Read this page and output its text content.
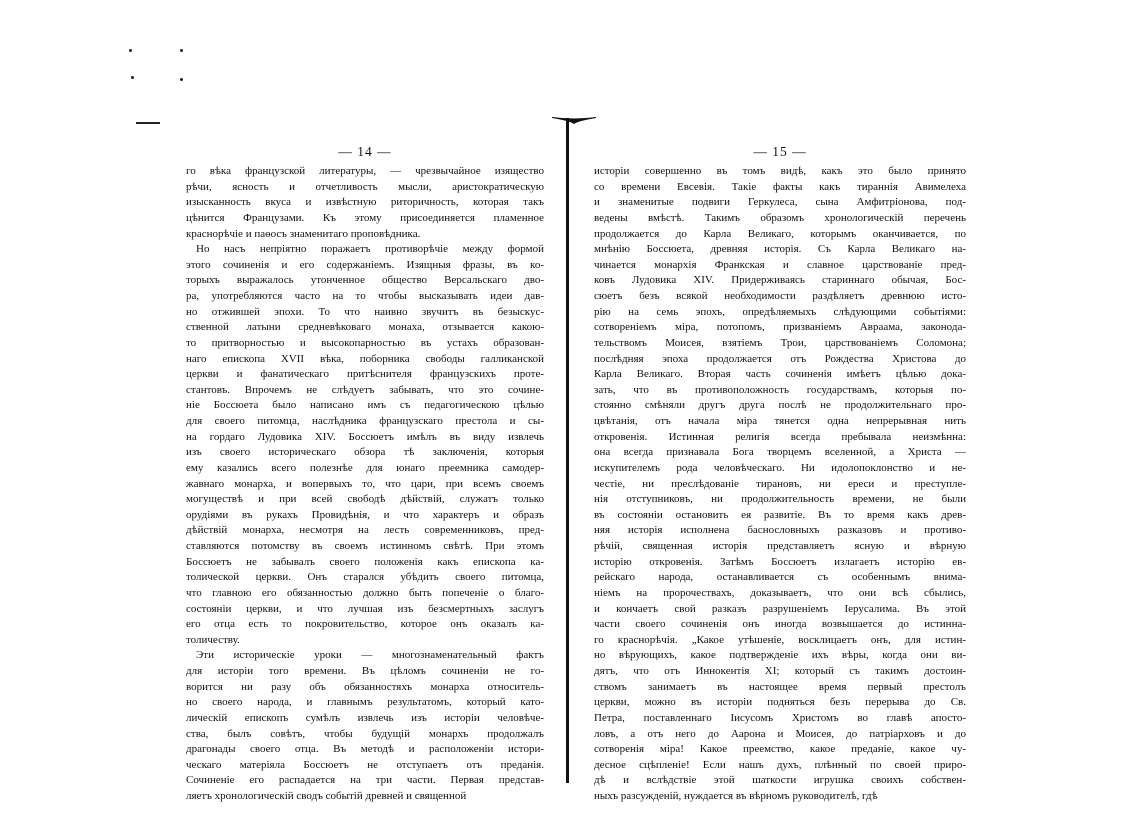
— 14 —

го вѣка французской литературы, — чрезвычайное изящество
рѣчи, ясность и отчетливость мысли, аристократическую
изысканность вкуса и извѣстную риторичность, которая такъ
цѣнится Французами. Къ этому присоединяется пламенное
краснорѣчіе и паѳосъ знаменитаго проповѣдника.

Но насъ непріятно поражаетъ противорѣчіе между формой
этого сочиненія и его содержаніемъ. Изящныя фразы, въ ко-
торыхъ выражалось утонченное общество Версальскаго дво-
ра, употребляются часто на то чтобы высказывать идеи дав-
но отжившей эпохи. То что наивно звучитъ въ безыскус-
ственной латыни средневѣковаго монаха, отзывается какою-
то притворностью и высокопарностью въ устахъ образован-
наго епископа XVII вѣка, поборника свободы галликанской
церкви и фанатическаго притѣснителя французскихъ проте-
стантовъ. Впрочемъ не слѣдуетъ забывать, что это сочине-
ніе Боссюета было написано имъ съ педагогическою цѣлью
для своего питомца, наслѣдника французскаго престола и сы-
на гордаго Лудовика XIV. Боссюетъ имѣлъ въ виду извлечь
изъ своего историческаго обзора тѣ заключенія, которыя
ему казались всего полезнѣе для юнаго преемника самодер-
жавнаго монарха, и вопервыхъ то, что цари, при всемъ своемъ
могуществѣ и при всей свободѣ дѣйствій, служатъ только
орудіями въ рукахъ Провидѣнія, и что характеръ и образъ
дѣйствій монарха, несмотря на лесть современниковъ, пред-
ставляются потомству въ своемъ истинномъ свѣтѣ. При этомъ
Боссюетъ не забывалъ своего положенія какъ епископа ка-
толической церкви. Онъ старался убѣдить своего питомца,
что главною его обязанностью должно быть попеченіе о благо-
состояніи церкви, и что лучшая изъ безсмертныхъ заслугъ
его отца есть то покровительство, которое онъ оказалъ ка-
толичеству.

Эти историческіе уроки — многознаменательный фактъ
для исторіи того времени. Въ цѣломъ сочиненіи не го-
ворится ни разу объ обязанностяхъ монарха относитель-
но своего народа, и главнымъ результатомъ, который като-
лическій епископъ сумѣлъ извлечь изъ исторіи человѣче-
ства, былъ совѣтъ, чтобы будущій монархъ продолжалъ
драгонады своего отца. Въ методѣ и расположеніи истори-
ческаго матеріяла Боссюетъ не отступаетъ отъ преданія.
Сочиненіе его распадается на три части. Первая представ-
ляетъ хронологическій сводъ событій древней и священной

— 15 —

исторіи совершенно въ томъ видѣ, какъ это было принято
со времени Евсевія. Такіе факты какъ тираннія Авимелеха
и знаменитые подвиги Геркулеса, сына Амфитріонова, под-
ведены вмѣстѣ. Такимъ образомъ хронологическій перечень
продолжается до Карла Великаго, которымъ оканчивается, по
мнѣнію Боссюета, древняя исторія. Съ Карла Великаго на-
чинается монархія Франкская и славное царствованіе пред-
ковъ Лудовика XIV. Придерживаясь стариннаго обычая, Бос-
сюетъ безъ всякой необходимости раздѣляетъ древнюю исто-
рію на семь эпохъ, опредѣляемыхъ слѣдующими событіями:
сотвореніемъ міра, потопомъ, призваніемъ Авраама, законода-
тельствомъ Моисея, взятіемъ Трои, царствованіемъ Соломона;
послѣдняя эпоха продолжается отъ Рождества Христова до
Карла Великаго. Вторая часть сочиненія имѣетъ цѣлью дока-
зать, что въ противоположность государствамъ, которыя по-
стоянно смѣняли другъ друга послѣ не продолжительнаго про-
цвѣтанія, отъ начала міра тянется одна непрерывная нить
откровенія. Истинная религія всегда пребывала неизмѣнна:
она всегда признавала Бога творцемъ вселенной, а Христа —
искупителемъ рода человѣческаго. Ни идолопоклонство и не-
честіе, ни преслѣдованіе тирановъ, ни ереси и преступле-
нія отступниковъ, ни продолжительность времени, не были
въ состояніи остановить ея развитіе. Въ то время какъ древ-
няя исторія исполнена баснословныхъ разказовъ и противо-
рѣчій, священная исторія представляетъ ясную и вѣрную
исторію откровенія. Затѣмъ Боссюетъ излагаетъ исторію ев-
рейскаго народа, останавливается съ особеннымъ внима-
ніемъ на пророчествахъ, доказываетъ, что они всѣ сбылись,
и кончаетъ свой разказъ разрушеніемъ Іерусалима. Въ этой
части своего сочиненія онъ иногда возвышается до истинна-
го краснорѣчія. „Какое утѣшеніе, восклицаетъ онъ, для истин-
но вѣрующихъ, какое подтвержденіе ихъ вѣры, когда они ви-
дятъ, что отъ Иннокентія XI; который съ такимъ достоин-
ствомъ занимаетъ въ настоящее время первый престолъ
церкви, можно въ исторіи подняться безъ перерыва до Св.
Петра, поставленнаго Іисусомъ Христомъ во главѣ апосто-
ловъ, а отъ него до Аарона и Моисея, до патріарховъ и до
сотворенія міра! Какое преемство, какое преданіе, какое чу-
десное сцѣпленіе! Если нашъ духъ, плѣнный по своей приро-
дѣ и вслѣдствіе этой шаткости игрушка своихъ собствен-
ныхъ разсужденій, нуждается въ вѣрномъ руководителѣ, гдѣ
